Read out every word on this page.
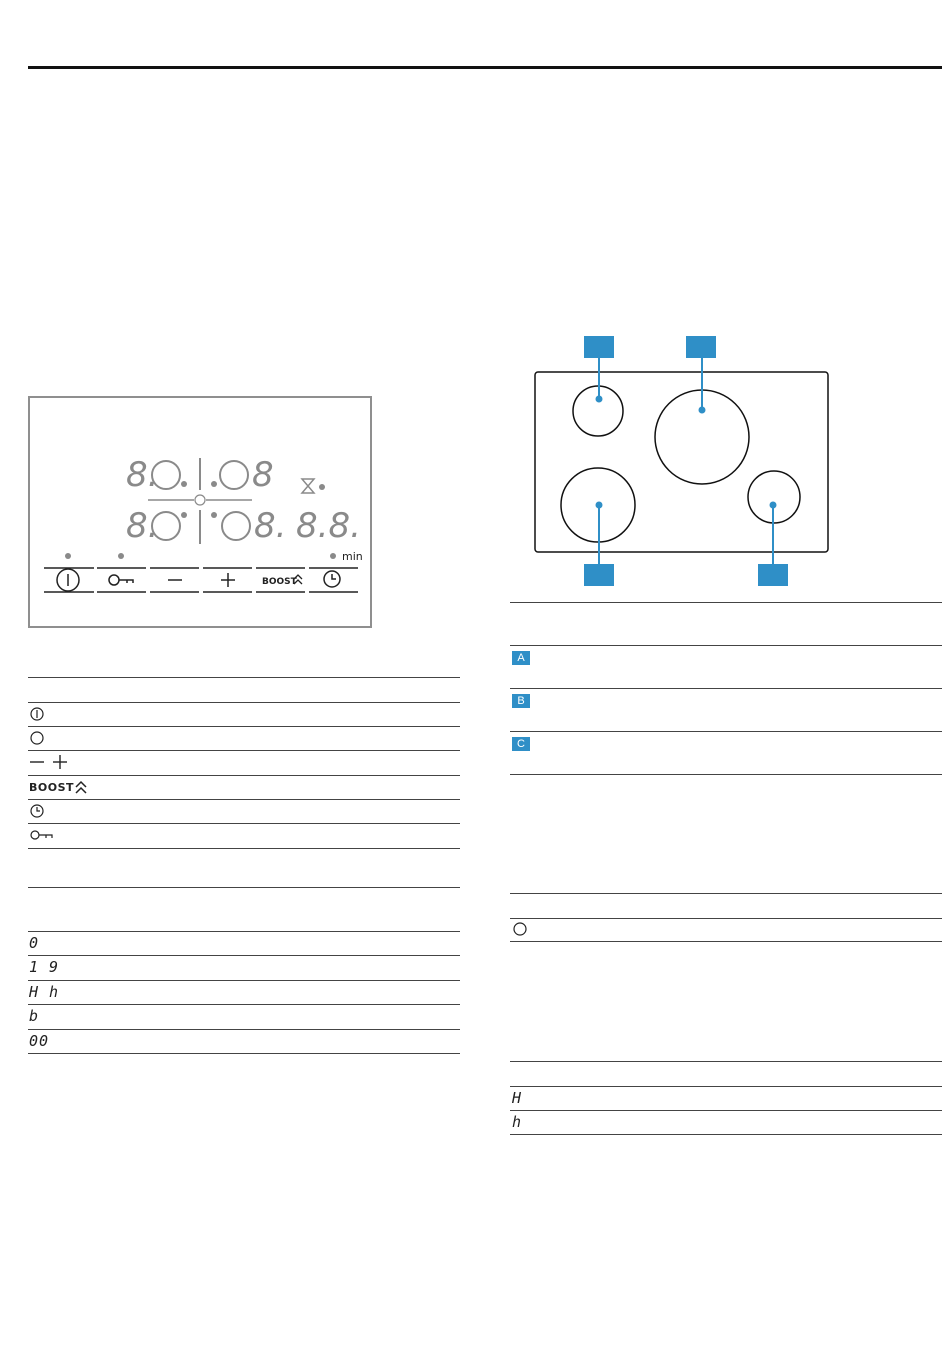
8.	8
8.	8. 8.8.
min
BOOST
BOOST
0
1 9
H h
b
00
A
B
C
H
h
